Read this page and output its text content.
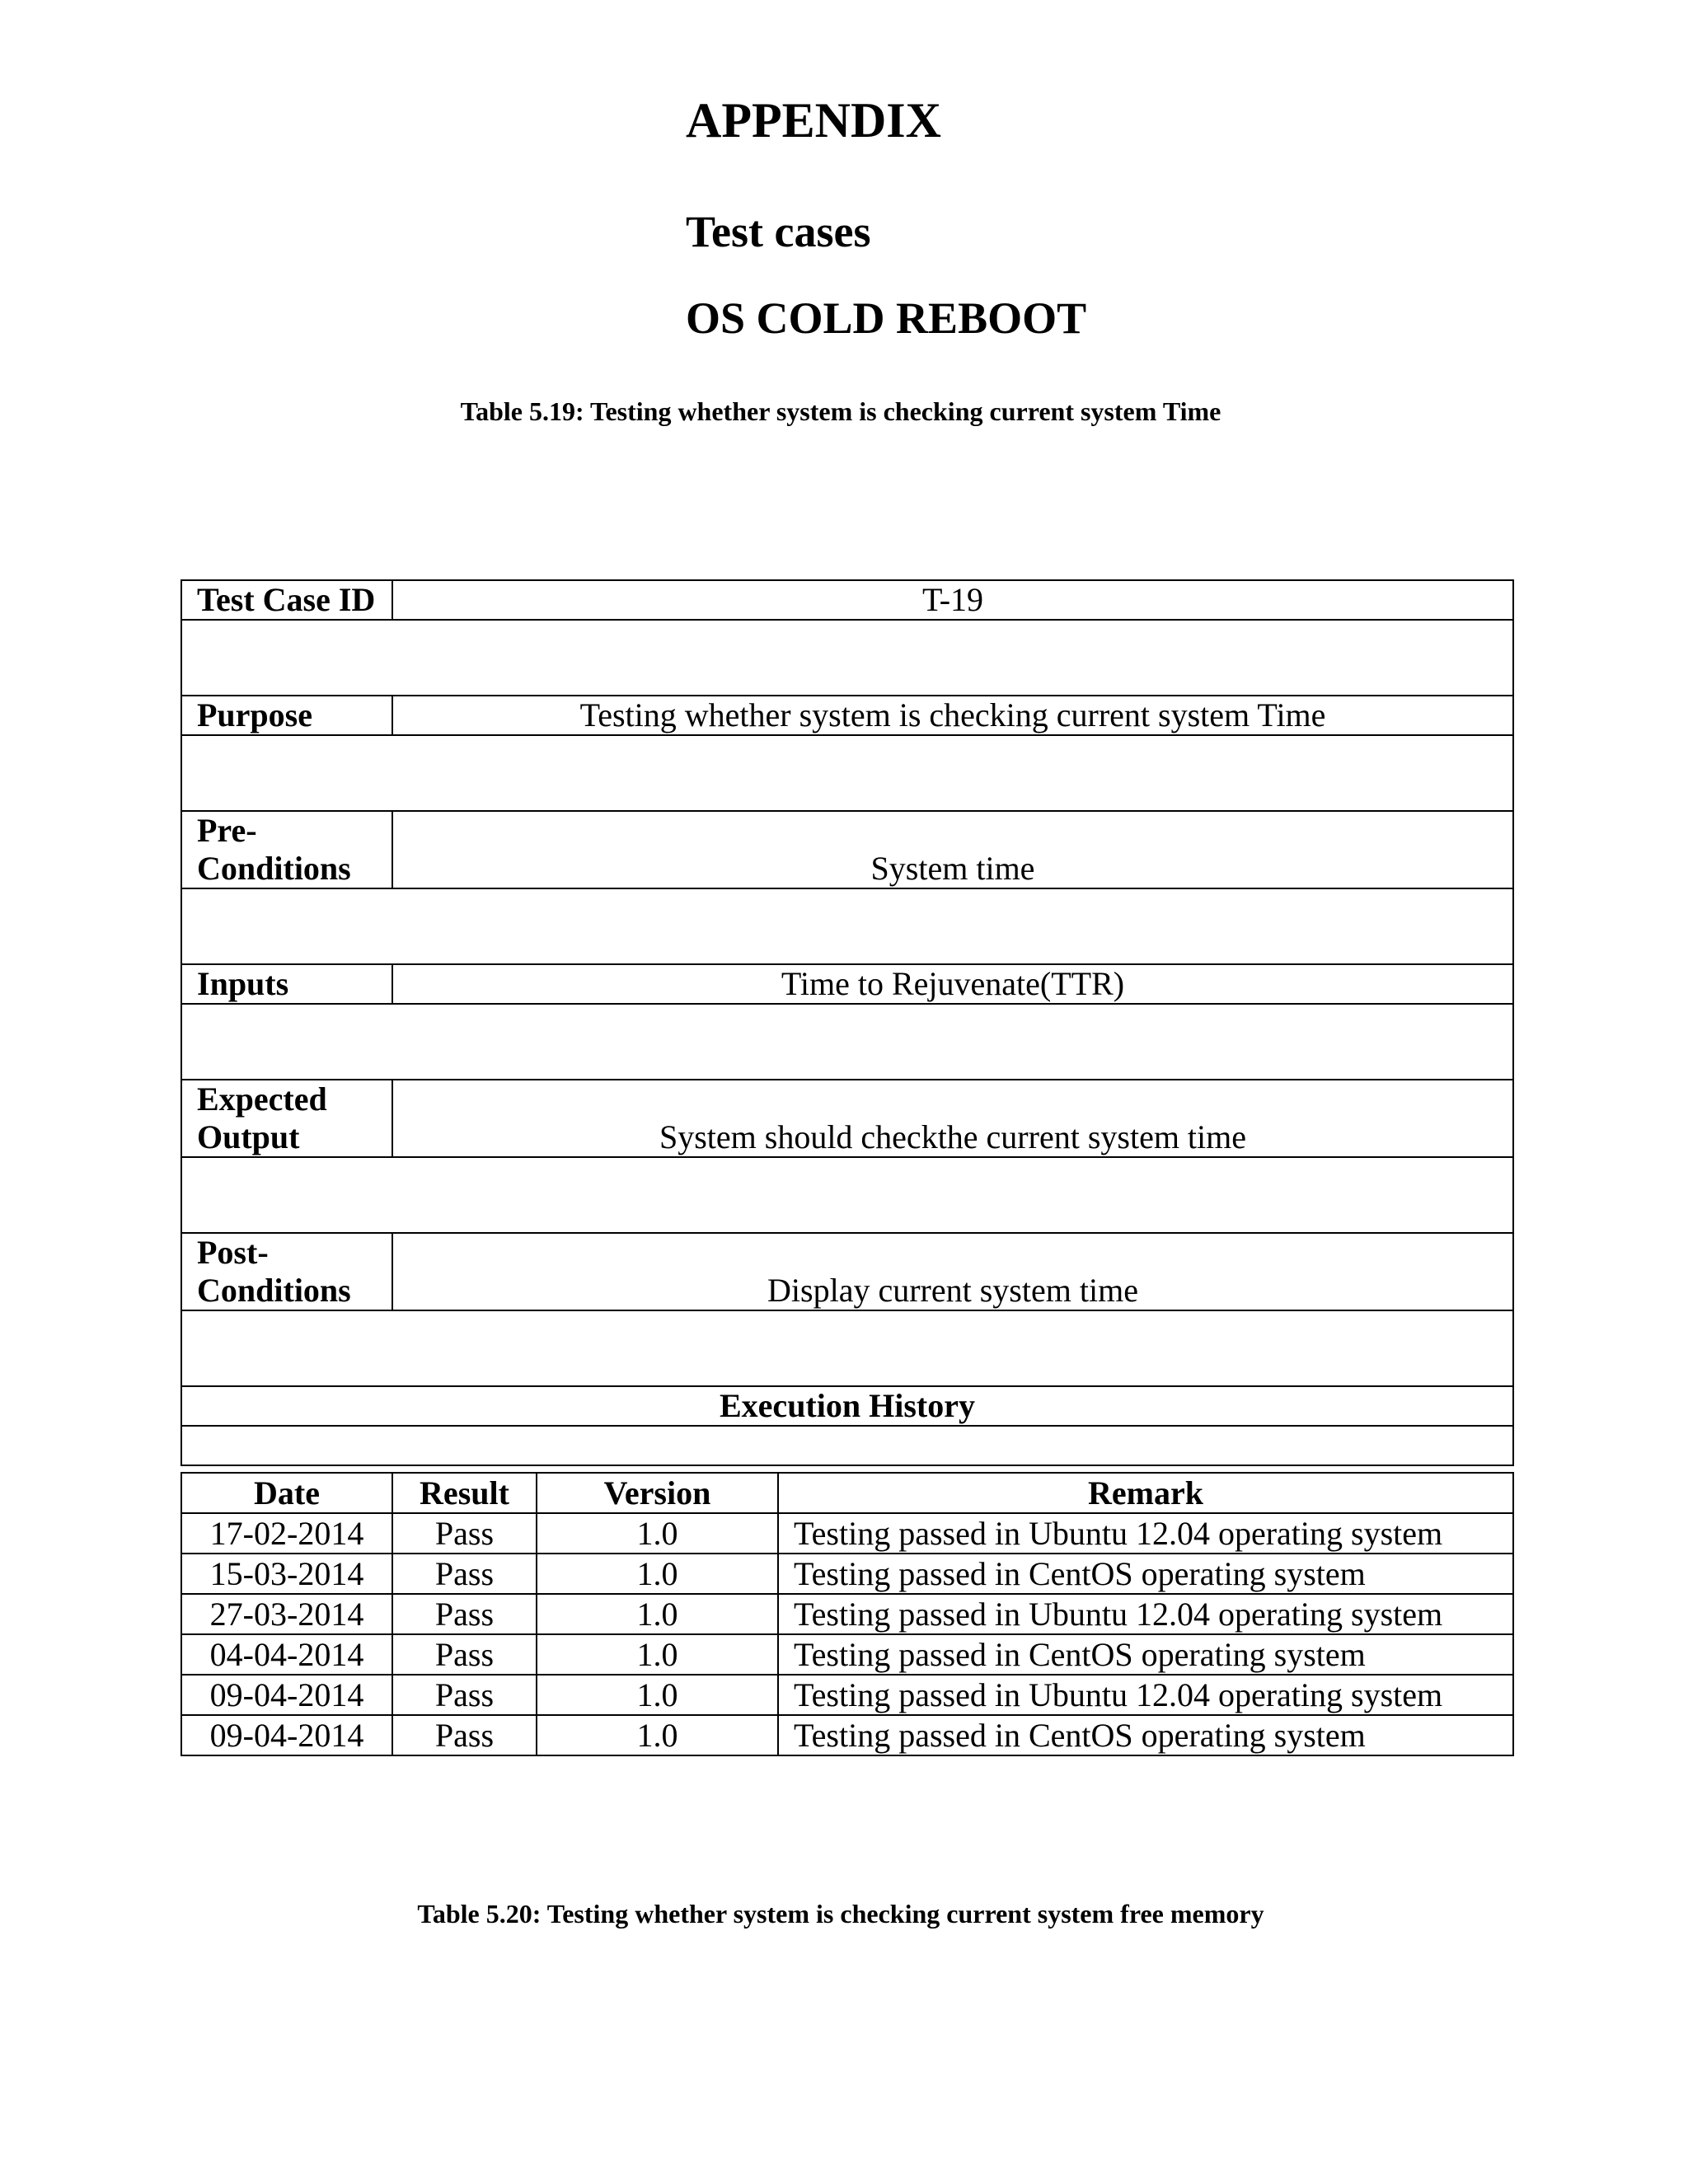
APPENDIX
Test cases
OS COLD REBOOT
Table 5.19: Testing whether system is checking current system Time
Test Case ID	T-19

Purpose	Testing whether system is checking current system Time

Pre-
Conditions	System time

Inputs	Time to Rejuvenate(TTR)

Expected
Output	System should checkthe current system time

Post-
Conditions	Display current system time

Execution History	

Date	Result	Version	Remark
17-02-2014	Pass	1.0	Testing passed in Ubuntu 12.04 operating system
15-03-2014	Pass	1.0	Testing passed in CentOS operating system
27-03-2014	Pass	1.0	Testing passed in Ubuntu 12.04 operating system
04-04-2014	Pass	1.0	Testing passed in CentOS operating system
09-04-2014	Pass	1.0	Testing passed in Ubuntu 12.04 operating system
09-04-2014	Pass	1.0	Testing passed in CentOS operating system
Table 5.20: Testing whether system is checking current system free memory
